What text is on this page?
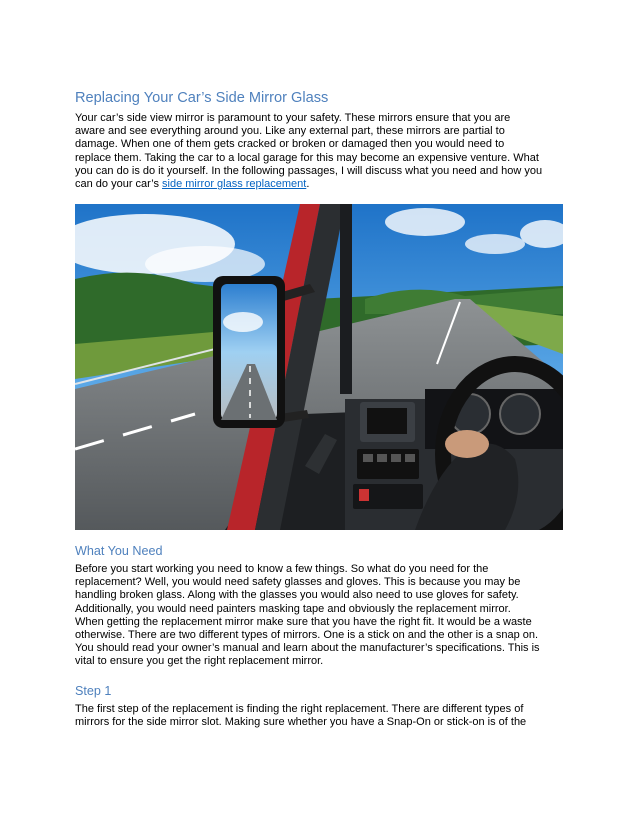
Replacing Your Car’s Side Mirror Glass
Your car’s side view mirror is paramount to your safety. These mirrors ensure that you are
aware and see everything around you. Like any external part, these mirrors are partial to
damage. When one of them gets cracked or broken or damaged then you would need to
replace them. Taking the car to a local garage for this may become an expensive venture. What
you can do is do it yourself. In the following passages, I will discuss what you need and how you
can do your car’s side mirror glass replacement.
What You Need
Before you start working you need to know a few things. So what do you need for the
replacement? Well, you would need safety glasses and gloves. This is because you may be
handling broken glass. Along with the glasses you would also need to use gloves for safety.
Additionally, you would need painters masking tape and obviously the replacement mirror.
When getting the replacement mirror make sure that you have the right fit. It would be a waste
otherwise. There are two different types of mirrors. One is a stick on and the other is a snap on.
You should read your owner’s manual and learn about the manufacturer’s specifications. This is
vital to ensure you get the right replacement mirror.
Step 1
The first step of the replacement is finding the right replacement. There are different types of
mirrors for the side mirror slot. Making sure whether you have a Snap-On or stick-on is of the
